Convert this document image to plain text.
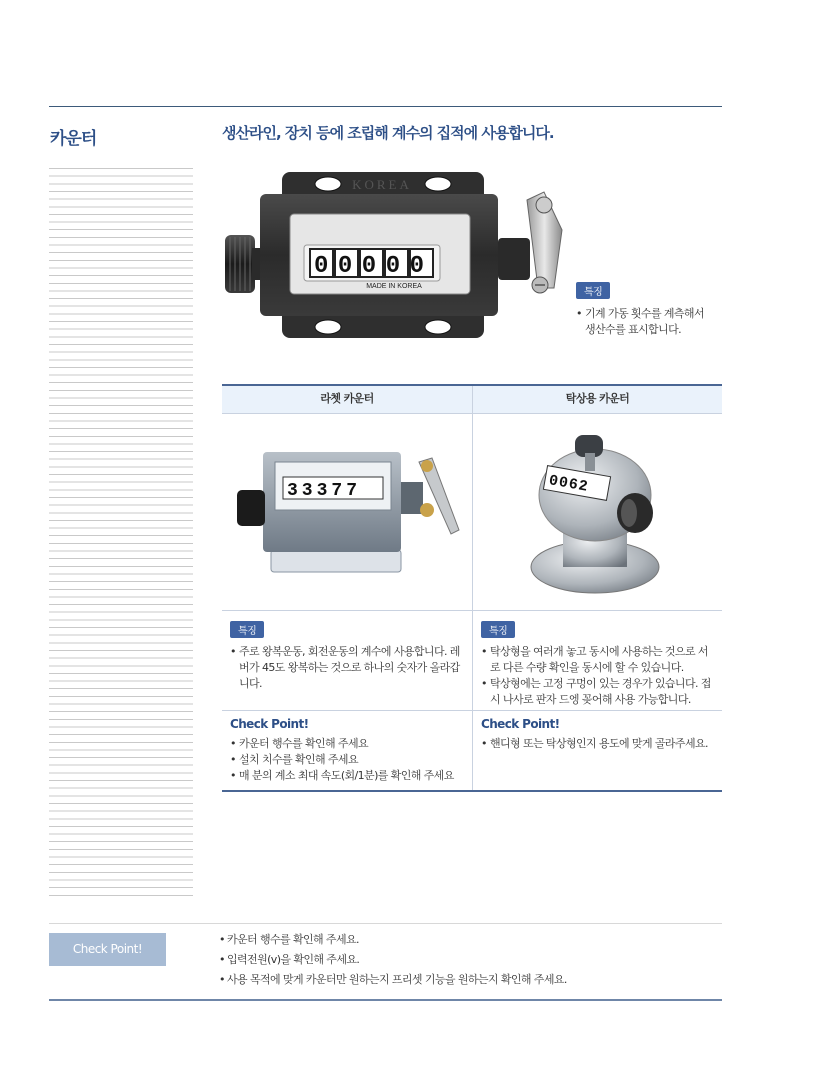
카운터	생산라인, 장치 등에 조립해 계수의 집적에 사용합니다.
00000
MADE IN KOREA
KOREA
특징
• 기계 가동 횟수를 계측해서 생산수를 표시합니다.
라쳇 카운터	탁상용 카운터
33377	0062
특징
• 주로 왕복운동, 회전운동의 계수에 사용합니다. 레버가 45도 왕복하는 것으로 하나의 숫자가 올라갑니다.
특징
• 탁상형을 여러개 놓고 동시에 사용하는 것으로 서로 다른 수량 확인을 동시에 할 수 있습니다.
• 탁상형에는 고정 구멍이 있는 경우가 있습니다. 접시 나사로 판자 드엥 꽂어해 사용 가능합니다.
Check Point!
• 카운터 행수를 확인해 주세요
• 설치 치수를 확인해 주세요
• 매 분의 계소 최대 속도(회/1분)를 확인해 주세요
Check Point!
• 핸디형 또는 탁상형인지 용도에 맞게 골라주세요.
Check Point!
• 카운터 행수를 확인해 주세요.
• 입력전원(v)을 확인해 주세요.
• 사용 목적에 맞게 카운터만 원하는지 프리셋 기능을 원하는지 확인해 주세요.
